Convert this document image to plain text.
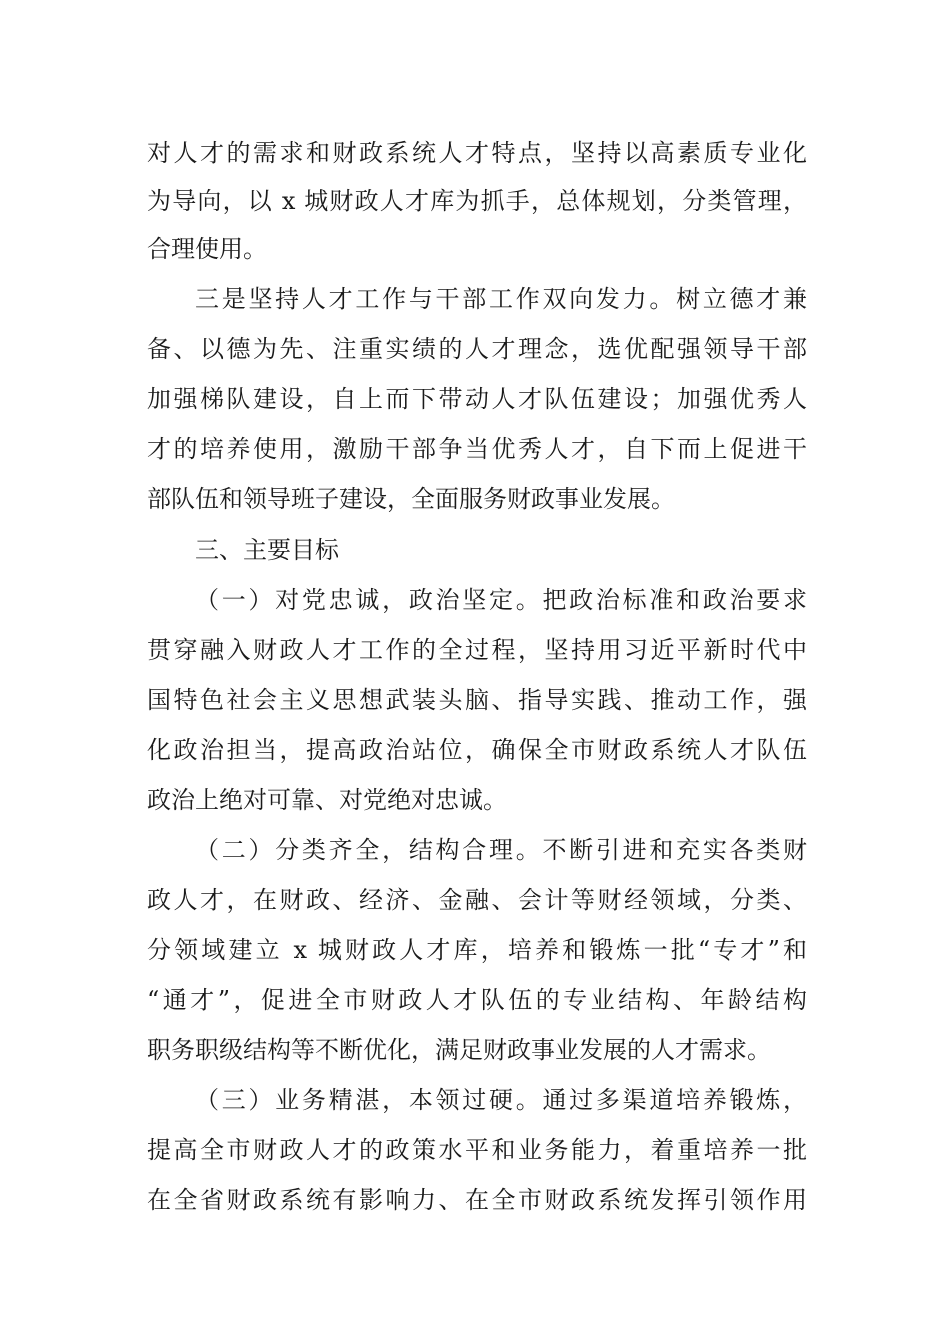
对人才的需求和财政系统人才特点，坚持以高素质专业化
为导向，以 x 城财政人才库为抓手，总体规划，分类管理，
合理使用。
三是坚持人才工作与干部工作双向发力。树立德才兼
备、以德为先、注重实绩的人才理念，选优配强领导干部
加强梯队建设，自上而下带动人才队伍建设；加强优秀人
才的培养使用，激励干部争当优秀人才，自下而上促进干
部队伍和领导班子建设，全面服务财政事业发展。
三、主要目标
（一）对党忠诚，政治坚定。把政治标准和政治要求
贯穿融入财政人才工作的全过程，坚持用习近平新时代中
国特色社会主义思想武装头脑、指导实践、推动工作，强
化政治担当，提高政治站位，确保全市财政系统人才队伍
政治上绝对可靠、对党绝对忠诚。
（二）分类齐全，结构合理。不断引进和充实各类财
政人才，在财政、经济、金融、会计等财经领域，分类、
分领域建立 x 城财政人才库，培养和锻炼一批“专才”和
“通才”，促进全市财政人才队伍的专业结构、年龄结构
职务职级结构等不断优化，满足财政事业发展的人才需求。
（三）业务精湛，本领过硬。通过多渠道培养锻炼，
提高全市财政人才的政策水平和业务能力，着重培养一批
在全省财政系统有影响力、在全市财政系统发挥引领作用
